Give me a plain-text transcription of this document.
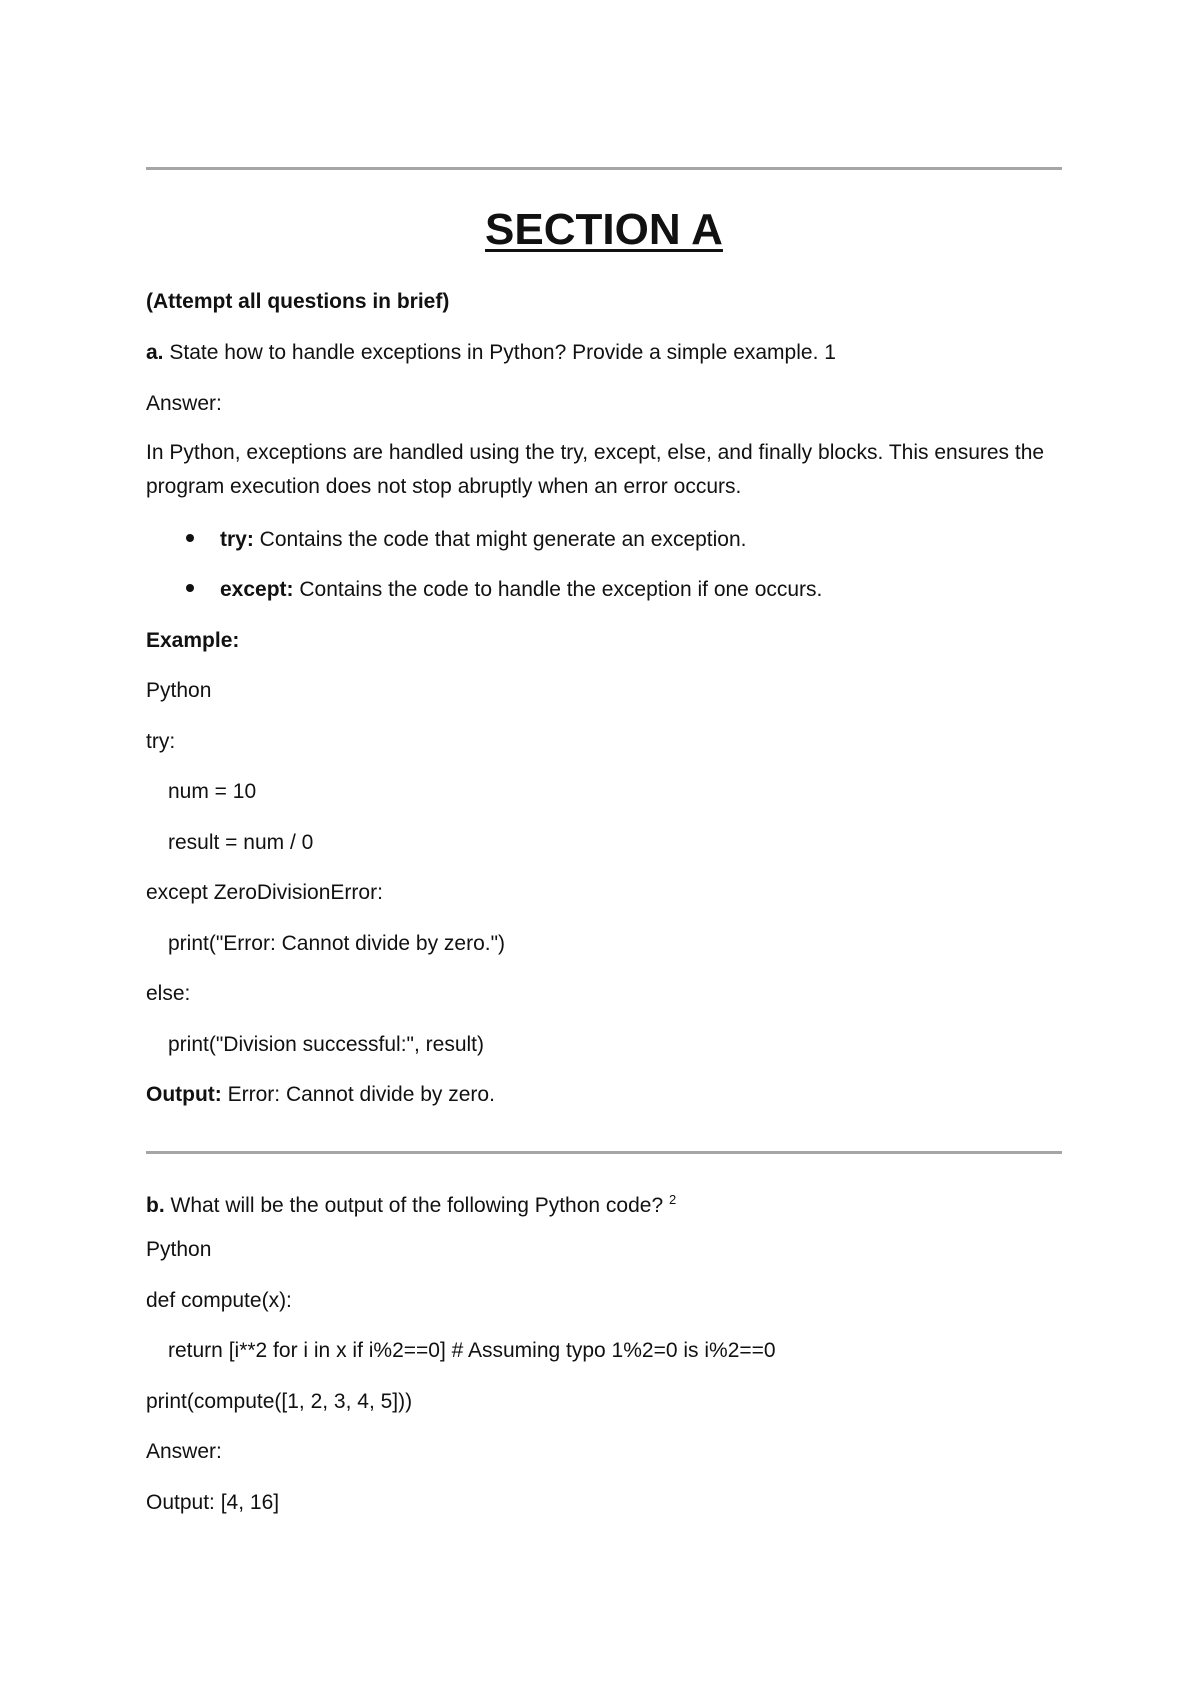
SECTION A
(Attempt all questions in brief)
a. State how to handle exceptions in Python? Provide a simple example. 1
Answer:
In Python, exceptions are handled using the try, except, else, and finally blocks. This ensures the program execution does not stop abruptly when an error occurs.
try: Contains the code that might generate an exception.
except: Contains the code to handle the exception if one occurs.
Example:
Python
try:
num = 10
result = num / 0
except ZeroDivisionError:
print("Error: Cannot divide by zero.")
else:
print("Division successful:", result)
Output: Error: Cannot divide by zero.
b. What will be the output of the following Python code? $^2$
Python
def compute(x):
return [i**2 for i in x if i%2==0] # Assuming typo 1%2=0 is i%2==0
print(compute([1, 2, 3, 4, 5]))
Answer:
Output: [4, 16]
